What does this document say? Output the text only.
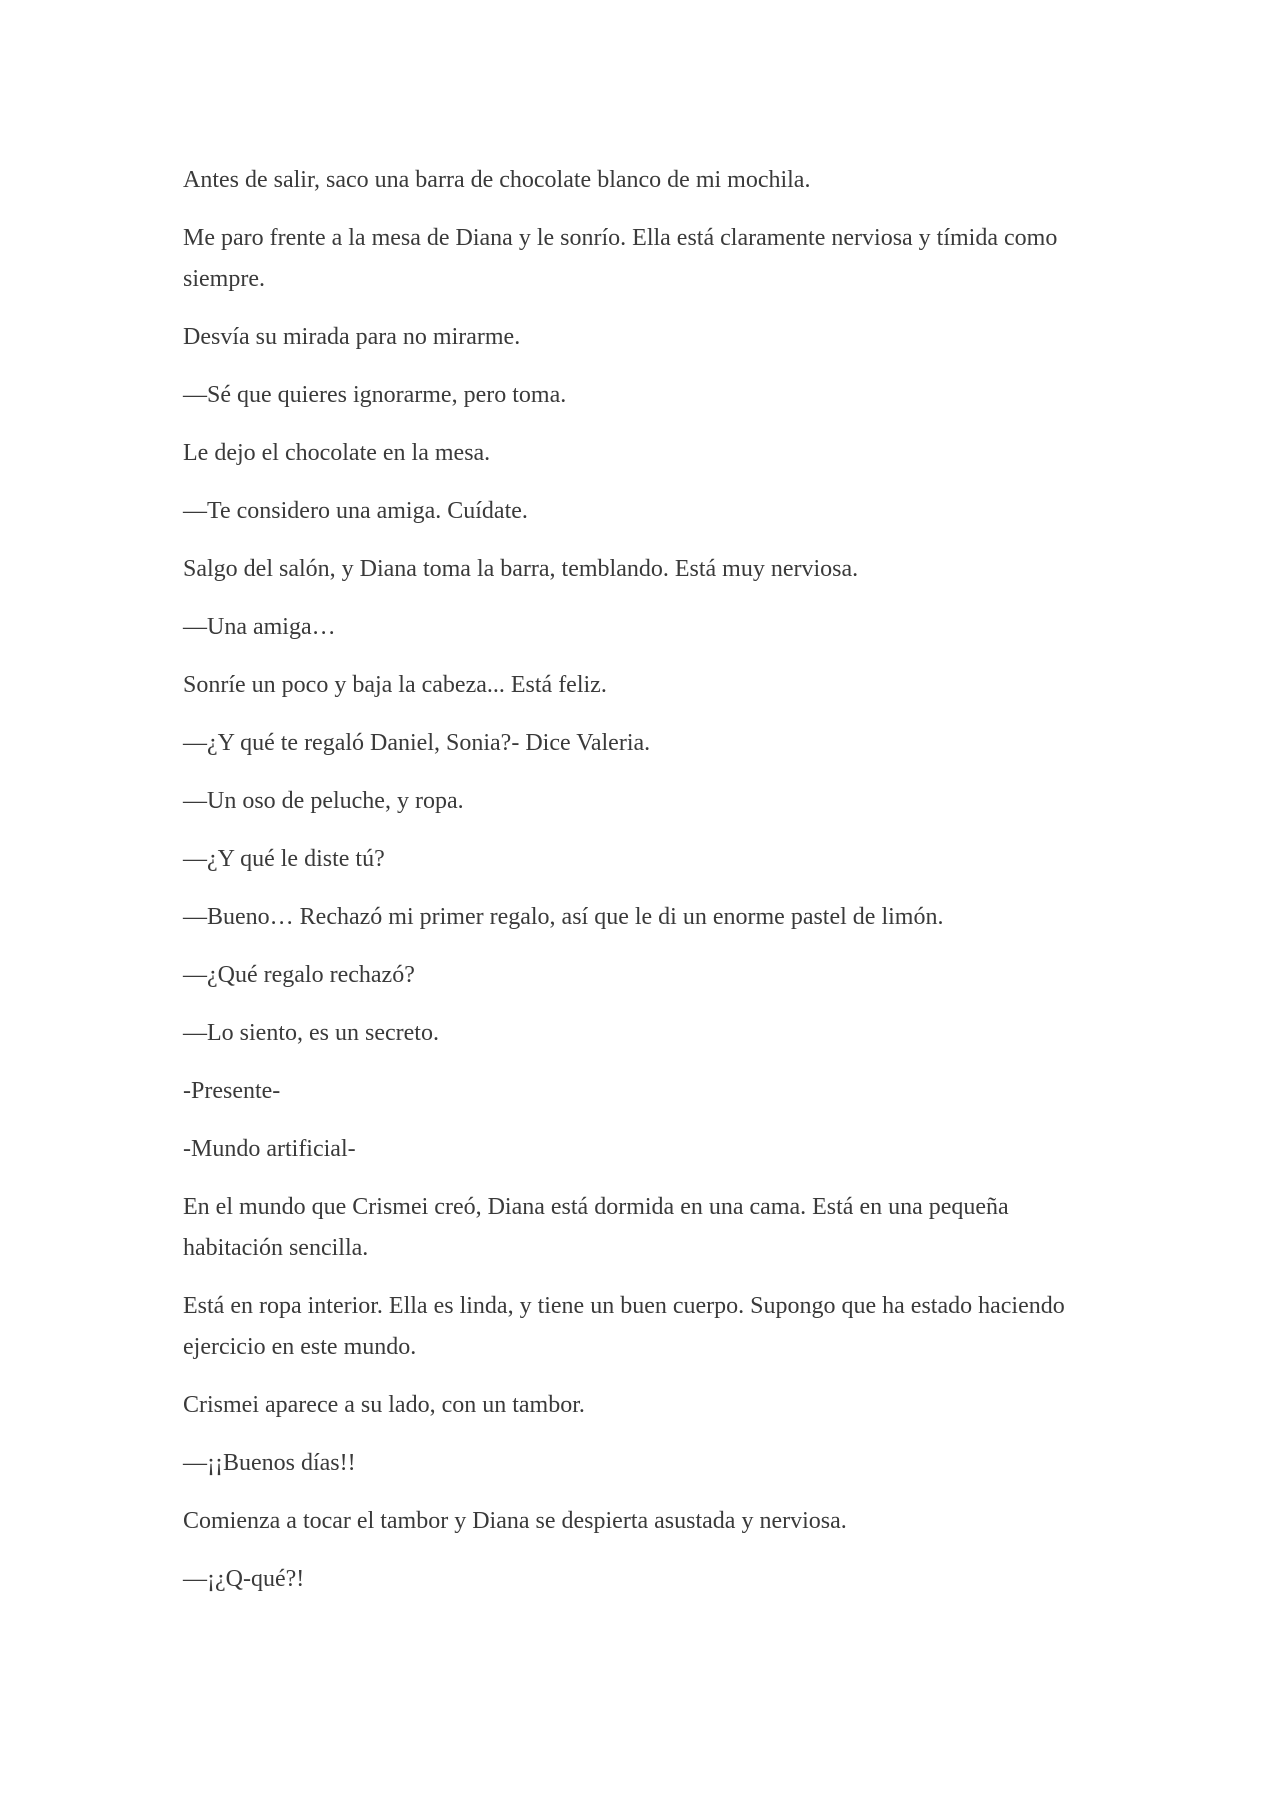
Antes de salir, saco una barra de chocolate blanco de mi mochila.

Me paro frente a la mesa de Diana y le sonrío. Ella está claramente nerviosa y tímida como siempre.

Desvía su mirada para no mirarme.

—Sé que quieres ignorarme, pero toma.

Le dejo el chocolate en la mesa.

—Te considero una amiga. Cuídate.

Salgo del salón, y Diana toma la barra, temblando. Está muy nerviosa.

—Una amiga…

Sonríe un poco y baja la cabeza... Está feliz.

—¿Y qué te regaló Daniel, Sonia?- Dice Valeria.

—Un oso de peluche, y ropa.

—¿Y qué le diste tú?

—Bueno… Rechazó mi primer regalo, así que le di un enorme pastel de limón.

—¿Qué regalo rechazó?

—Lo siento, es un secreto.

-Presente-

-Mundo artificial-

En el mundo que Crismei creó, Diana está dormida en una cama. Está en una pequeña habitación sencilla.

Está en ropa interior. Ella es linda, y tiene un buen cuerpo. Supongo que ha estado haciendo ejercicio en este mundo.

Crismei aparece a su lado, con un tambor.

—¡¡Buenos días!!

Comienza a tocar el tambor y Diana se despierta asustada y nerviosa.

—¡¿Q-qué?!
